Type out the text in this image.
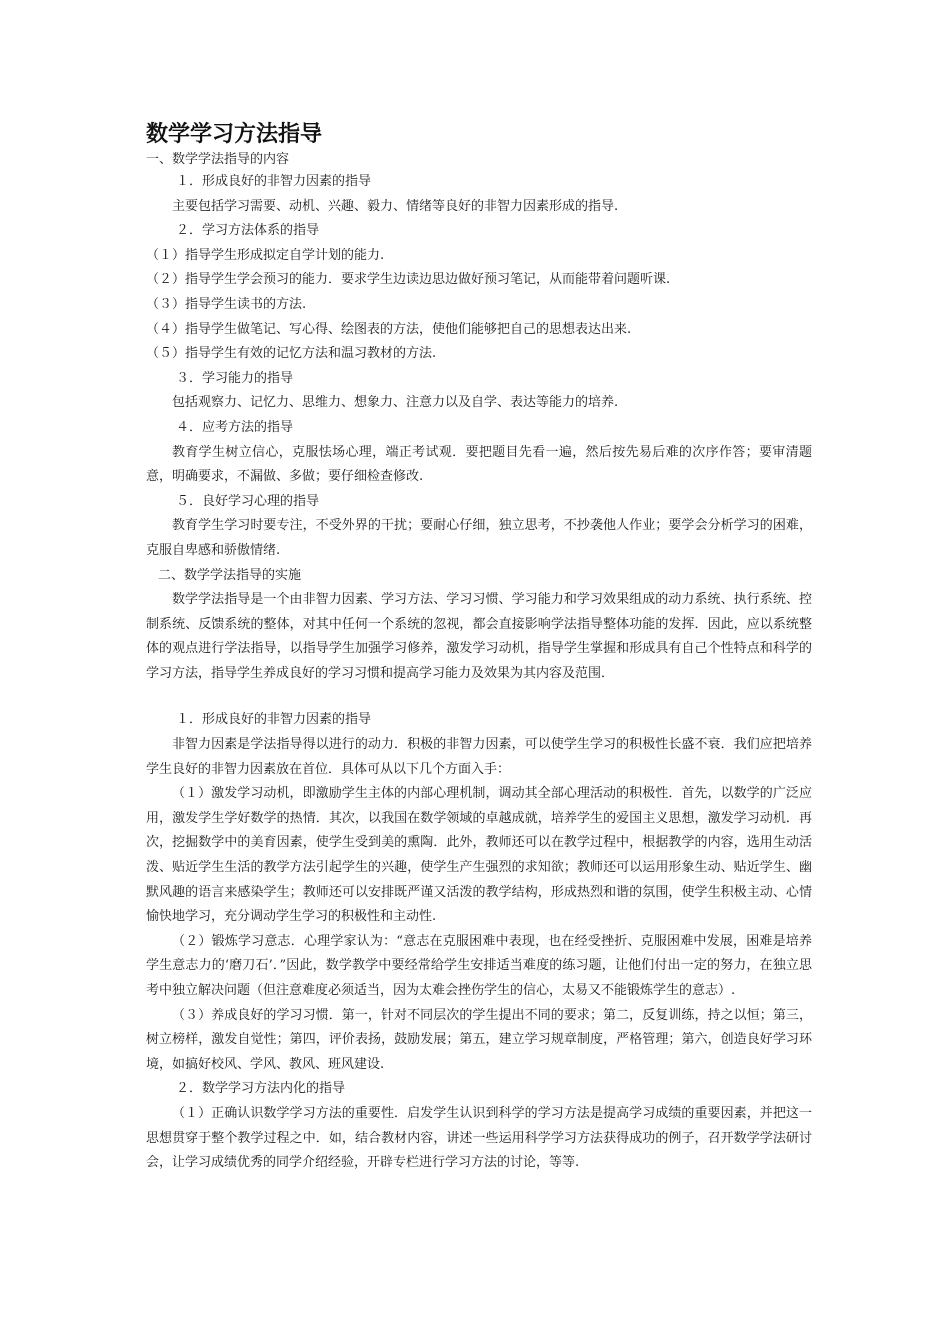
数学学习方法指导

一、数学学法指导的内容

１．形成良好的非智力因素的指导

主要包括学习需要、动机、兴趣、毅力、情绪等良好的非智力因素形成的指导.

２．学习方法体系的指导

（１）指导学生形成拟定自学计划的能力.

（２）指导学生学会预习的能力．要求学生边读边思边做好预习笔记，从而能带着问题听课.

（３）指导学生读书的方法.

（４）指导学生做笔记、写心得、绘图表的方法，使他们能够把自己的思想表达出来.

（５）指导学生有效的记忆方法和温习教材的方法.

３．学习能力的指导

包括观察力、记忆力、思维力、想象力、注意力以及自学、表达等能力的培养.

４．应考方法的指导

教育学生树立信心，克服怯场心理，端正考试观．要把题目先看一遍，然后按先易后难的次序作答；要审清题意，明确要求，不漏做、多做；要仔细检查修改.

５．良好学习心理的指导

教育学生学习时要专注，不受外界的干扰；要耐心仔细，独立思考，不抄袭他人作业；要学会分析学习的困难，克服自卑感和骄傲情绪.

二、数学学法指导的实施

数学学法指导是一个由非智力因素、学习方法、学习习惯、学习能力和学习效果组成的动力系统、执行系统、控制系统、反馈系统的整体，对其中任何一个系统的忽视，都会直接影响学法指导整体功能的发挥．因此，应以系统整体的观点进行学法指导，以指导学生加强学习修养，激发学习动机，指导学生掌握和形成具有自己个性特点和科学的学习方法，指导学生养成良好的学习习惯和提高学习能力及效果为其内容及范围．

１．形成良好的非智力因素的指导

非智力因素是学法指导得以进行的动力．积极的非智力因素，可以使学生学习的积极性长盛不衰．我们应把培养学生良好的非智力因素放在首位．具体可从以下几个方面入手：

（１）激发学习动机，即激励学生主体的内部心理机制，调动其全部心理活动的积极性．首先，以数学的广泛应用，激发学生学好数学的热情．其次，以我国在数学领域的卓越成就，培养学生的爱国主义思想，激发学习动机．再次，挖掘数学中的美育因素，使学生受到美的熏陶．此外，教师还可以在教学过程中，根据教学的内容，选用生动活泼、贴近学生生活的教学方法引起学生的兴趣，使学生产生强烈的求知欲；教师还可以运用形象生动、贴近学生、幽默风趣的语言来感染学生；教师还可以安排既严谨又活泼的教学结构，形成热烈和谐的氛围，使学生积极主动、心情愉快地学习，充分调动学生学习的积极性和主动性.

（２）锻炼学习意志．心理学家认为：“意志在克服困难中表现，也在经受挫折、克服困难中发展，困难是培养学生意志力的‘磨刀石’．”因此，数学教学中要经常给学生安排适当难度的练习题，让他们付出一定的努力，在独立思考中独立解决问题（但注意难度必须适当，因为太难会挫伤学生的信心，太易又不能锻炼学生的意志）.

（３）养成良好的学习习惯．第一，针对不同层次的学生提出不同的要求；第二，反复训练，持之以恒；第三，树立榜样，激发自觉性；第四，评价表扬，鼓励发展；第五，建立学习规章制度，严格管理；第六，创造良好学习环境，如搞好校风、学风、教风、班风建设.

２．数学学习方法内化的指导

（１）正确认识数学学习方法的重要性．启发学生认识到科学的学习方法是提高学习成绩的重要因素，并把这一思想贯穿于整个教学过程之中．如，结合教材内容，讲述一些运用科学学习方法获得成功的例子，召开数学学法研讨会，让学习成绩优秀的同学介绍经验，开辟专栏进行学习方法的讨论，等等.
